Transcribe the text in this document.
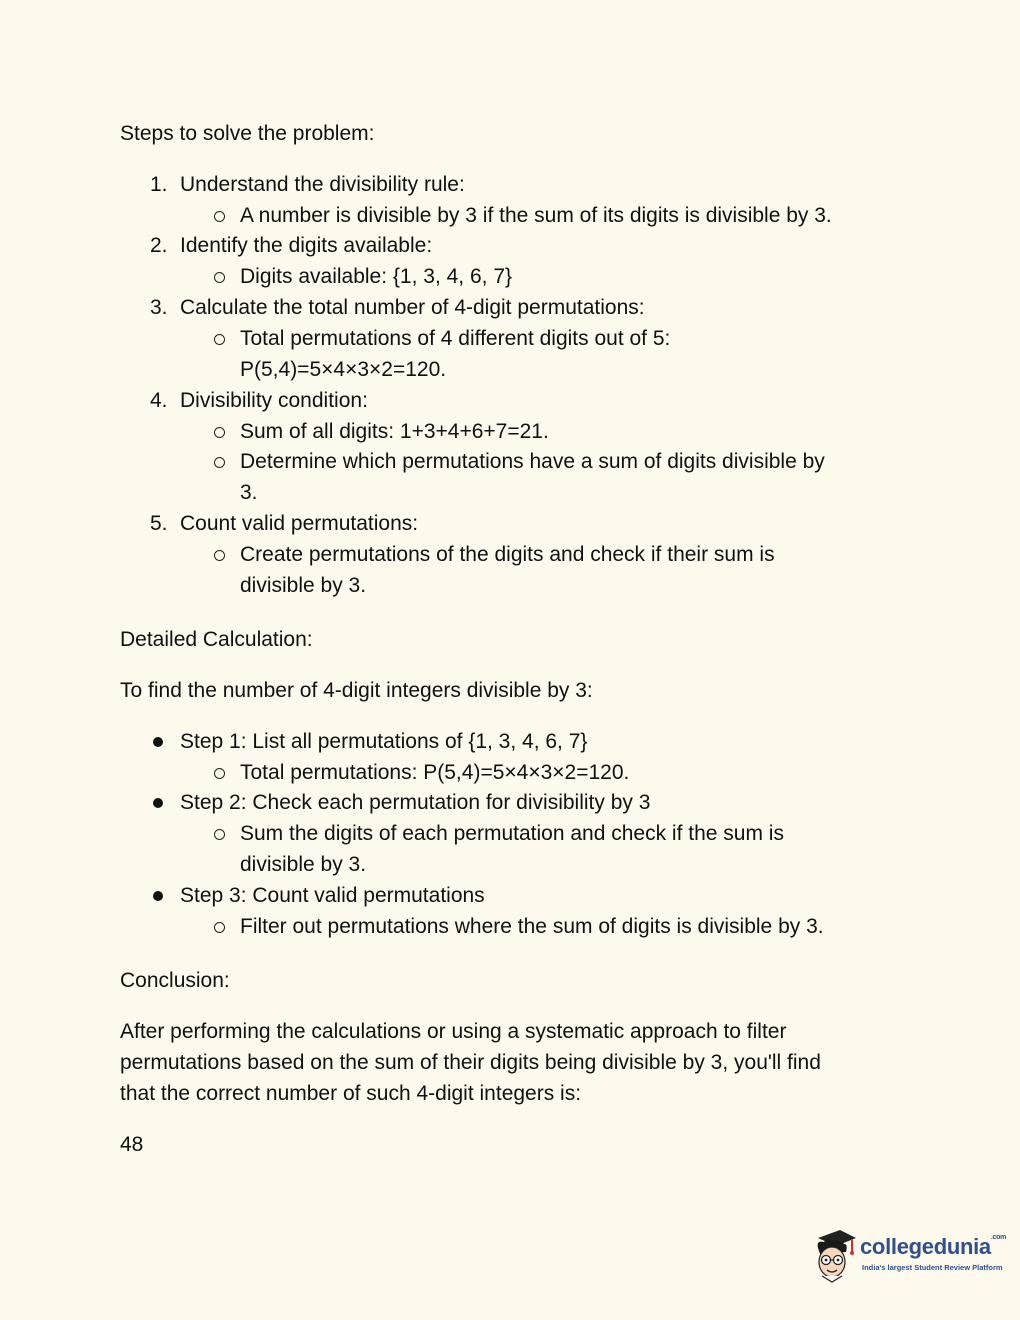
Steps to solve the problem:
1. Understand the divisibility rule:
A number is divisible by 3 if the sum of its digits is divisible by 3.
2. Identify the digits available:
Digits available: {1, 3, 4, 6, 7}
3. Calculate the total number of 4-digit permutations:
Total permutations of 4 different digits out of 5:
P(5,4)=5×4×3×2=120.
4. Divisibility condition:
Sum of all digits: 1+3+4+6+7=21.
Determine which permutations have a sum of digits divisible by
3.
5. Count valid permutations:
Create permutations of the digits and check if their sum is
divisible by 3.
Detailed Calculation:
To find the number of 4-digit integers divisible by 3:
Step 1: List all permutations of {1, 3, 4, 6, 7}
Total permutations: P(5,4)=5×4×3×2=120.
Step 2: Check each permutation for divisibility by 3
Sum the digits of each permutation and check if the sum is
divisible by 3.
Step 3: Count valid permutations
Filter out permutations where the sum of digits is divisible by 3.
Conclusion:
After performing the calculations or using a systematic approach to filter
permutations based on the sum of their digits being divisible by 3, you'll find
that the correct number of such 4-digit integers is:
48
collegedunia$^{.com}$
India's largest Student Review Platform
